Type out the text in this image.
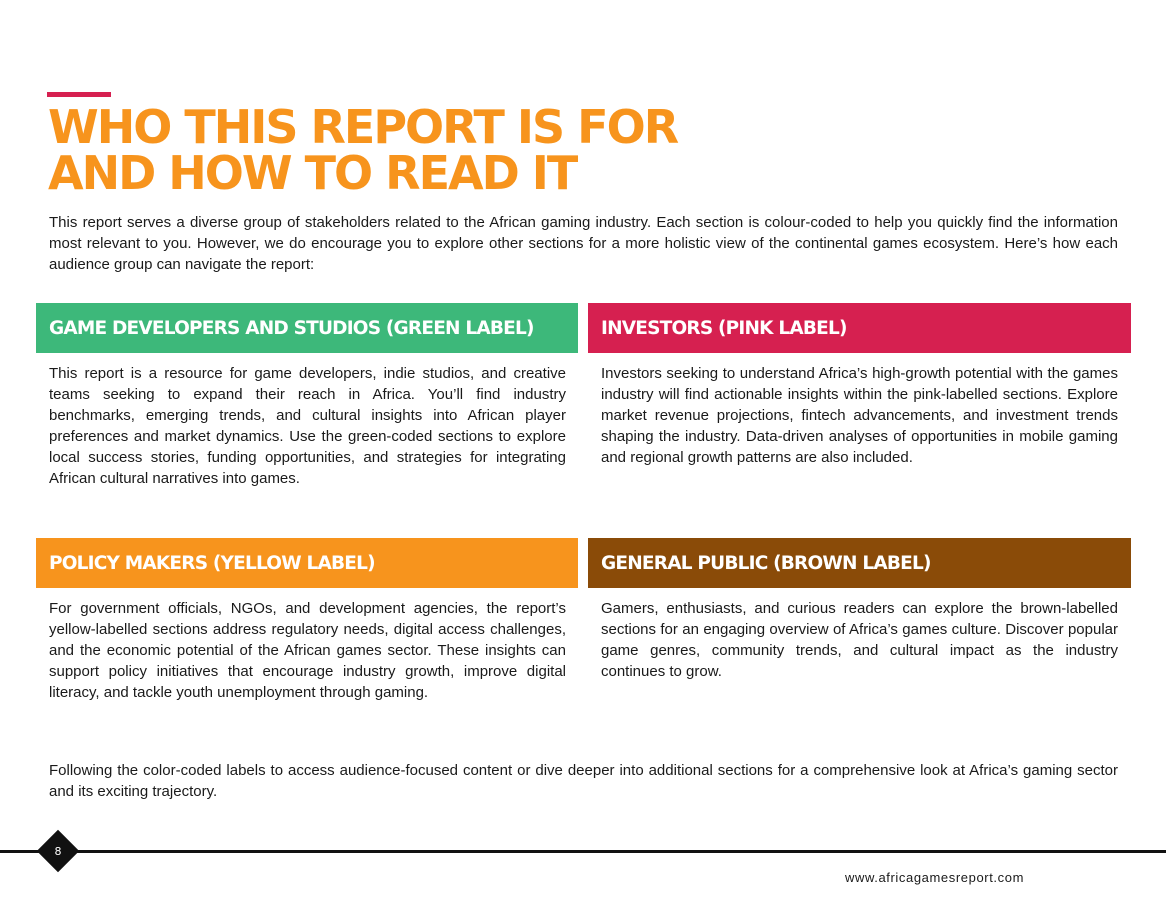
WHO THIS REPORT IS FOR
AND HOW TO READ IT

This report serves a diverse group of stakeholders related to the African gaming industry. Each section is colour-coded to help you quickly find the information most relevant to you. However, we do encourage you to explore other sections for a more holistic view of the continental games ecosystem. Here’s how each audience group can navigate the report:

GAME DEVELOPERS AND STUDIOS (GREEN LABEL)

This report is a resource for game developers, indie studios, and creative teams seeking to expand their reach in Africa. You’ll find industry benchmarks, emerging trends, and cultural insights into African player preferences and market dynamics. Use the green-coded sections to explore local success stories, funding opportunities, and strategies for integrating African cultural narratives into games.

INVESTORS (PINK LABEL)

Investors seeking to understand Africa’s high-growth potential with the games industry will find actionable insights within the pink-labelled sections. Explore market revenue projections, fintech advancements, and investment trends shaping the industry. Data-driven analyses of opportunities in mobile gaming and regional growth patterns are also included.

POLICY MAKERS (YELLOW LABEL)

For government officials, NGOs, and development agencies, the report’s yellow-labelled sections address regulatory needs, digital access challenges, and the economic potential of the African games sector. These insights can support policy initiatives that encourage industry growth, improve digital literacy, and tackle youth unemployment through gaming.

GENERAL PUBLIC (BROWN LABEL)

Gamers, enthusiasts, and curious readers can explore the brown-labelled sections for an engaging overview of Africa’s games culture. Discover popular game genres, community trends, and cultural impact as the industry continues to grow.

Following the color-coded labels to access audience-focused content or dive deeper into additional sections for a comprehensive look at Africa’s gaming sector and its exciting trajectory.

8
www.africagamesreport.com
